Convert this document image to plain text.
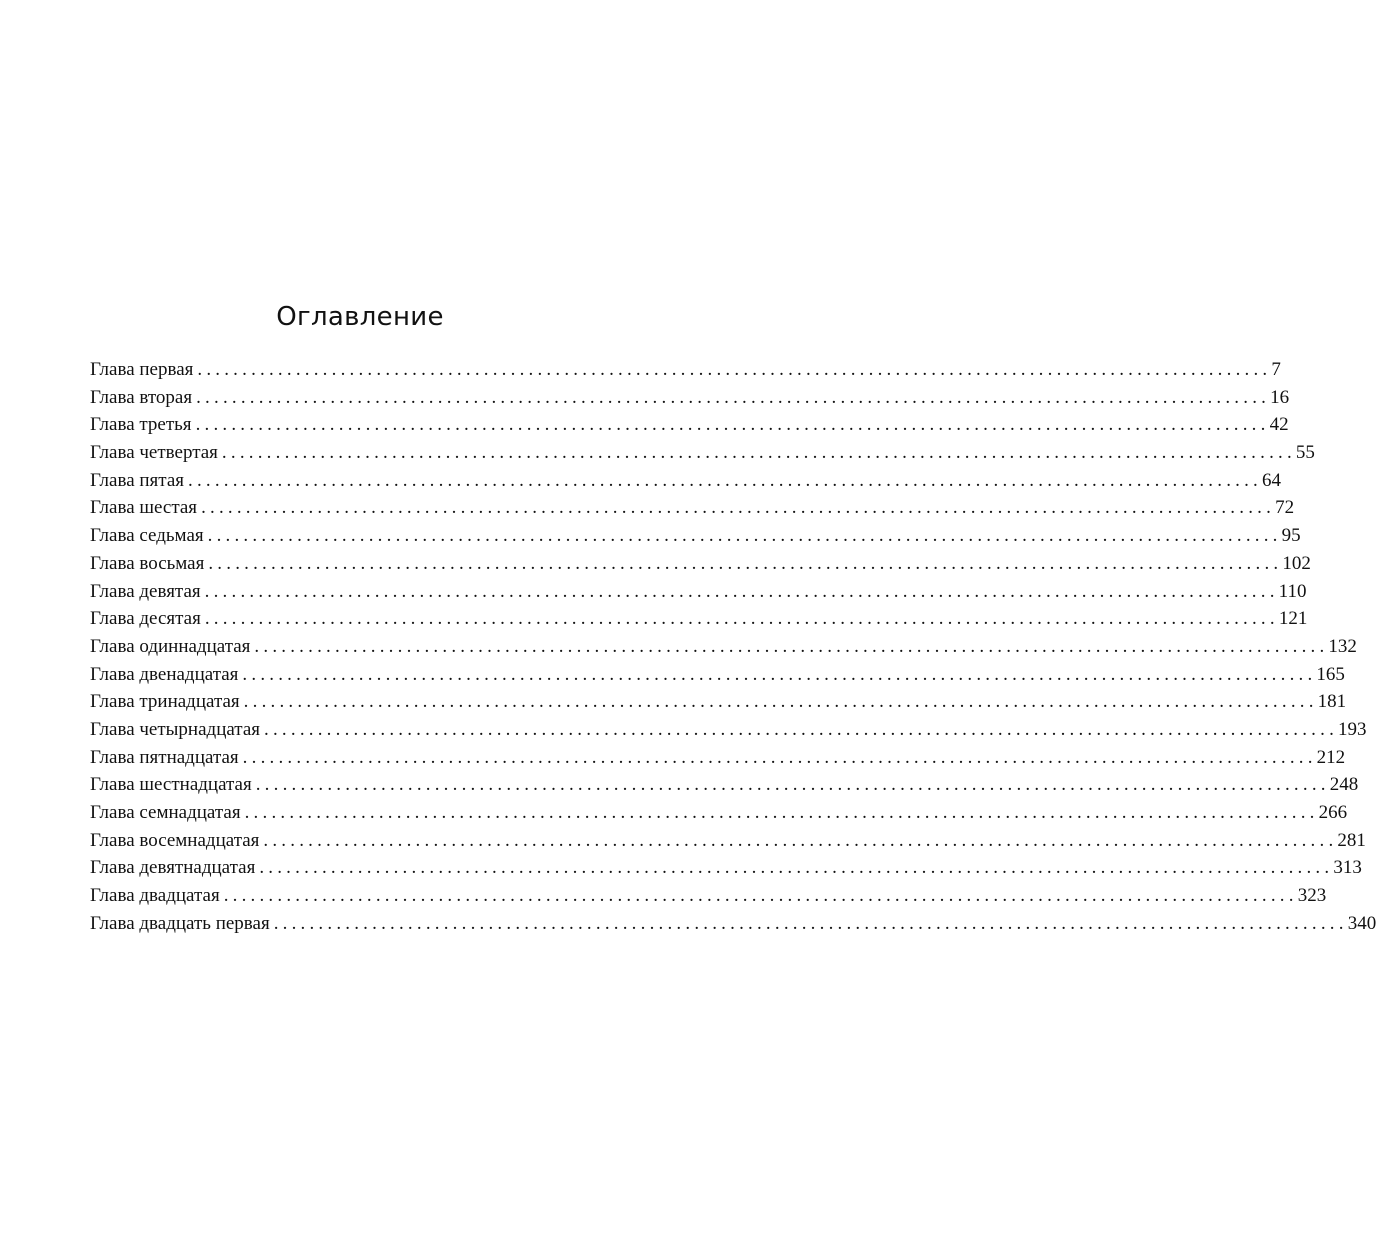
Оглавление
Глава первая ........................................................................................................................ 7
Глава вторая ........................................................................................................................ 16
Глава третья ........................................................................................................................ 42
Глава четвертая ........................................................................................................................ 55
Глава пятая ........................................................................................................................ 64
Глава шестая ........................................................................................................................ 72
Глава седьмая ........................................................................................................................ 95
Глава восьмая ........................................................................................................................ 102
Глава девятая ........................................................................................................................ 110
Глава десятая ........................................................................................................................ 121
Глава одиннадцатая ........................................................................................................................ 132
Глава двенадцатая ........................................................................................................................ 165
Глава тринадцатая ........................................................................................................................ 181
Глава четырнадцатая ........................................................................................................................ 193
Глава пятнадцатая ........................................................................................................................ 212
Глава шестнадцатая ........................................................................................................................ 248
Глава семнадцатая ........................................................................................................................ 266
Глава восемнадцатая ........................................................................................................................ 281
Глава девятнадцатая ........................................................................................................................ 313
Глава двадцатая ........................................................................................................................ 323
Глава двадцать первая ........................................................................................................................ 340
